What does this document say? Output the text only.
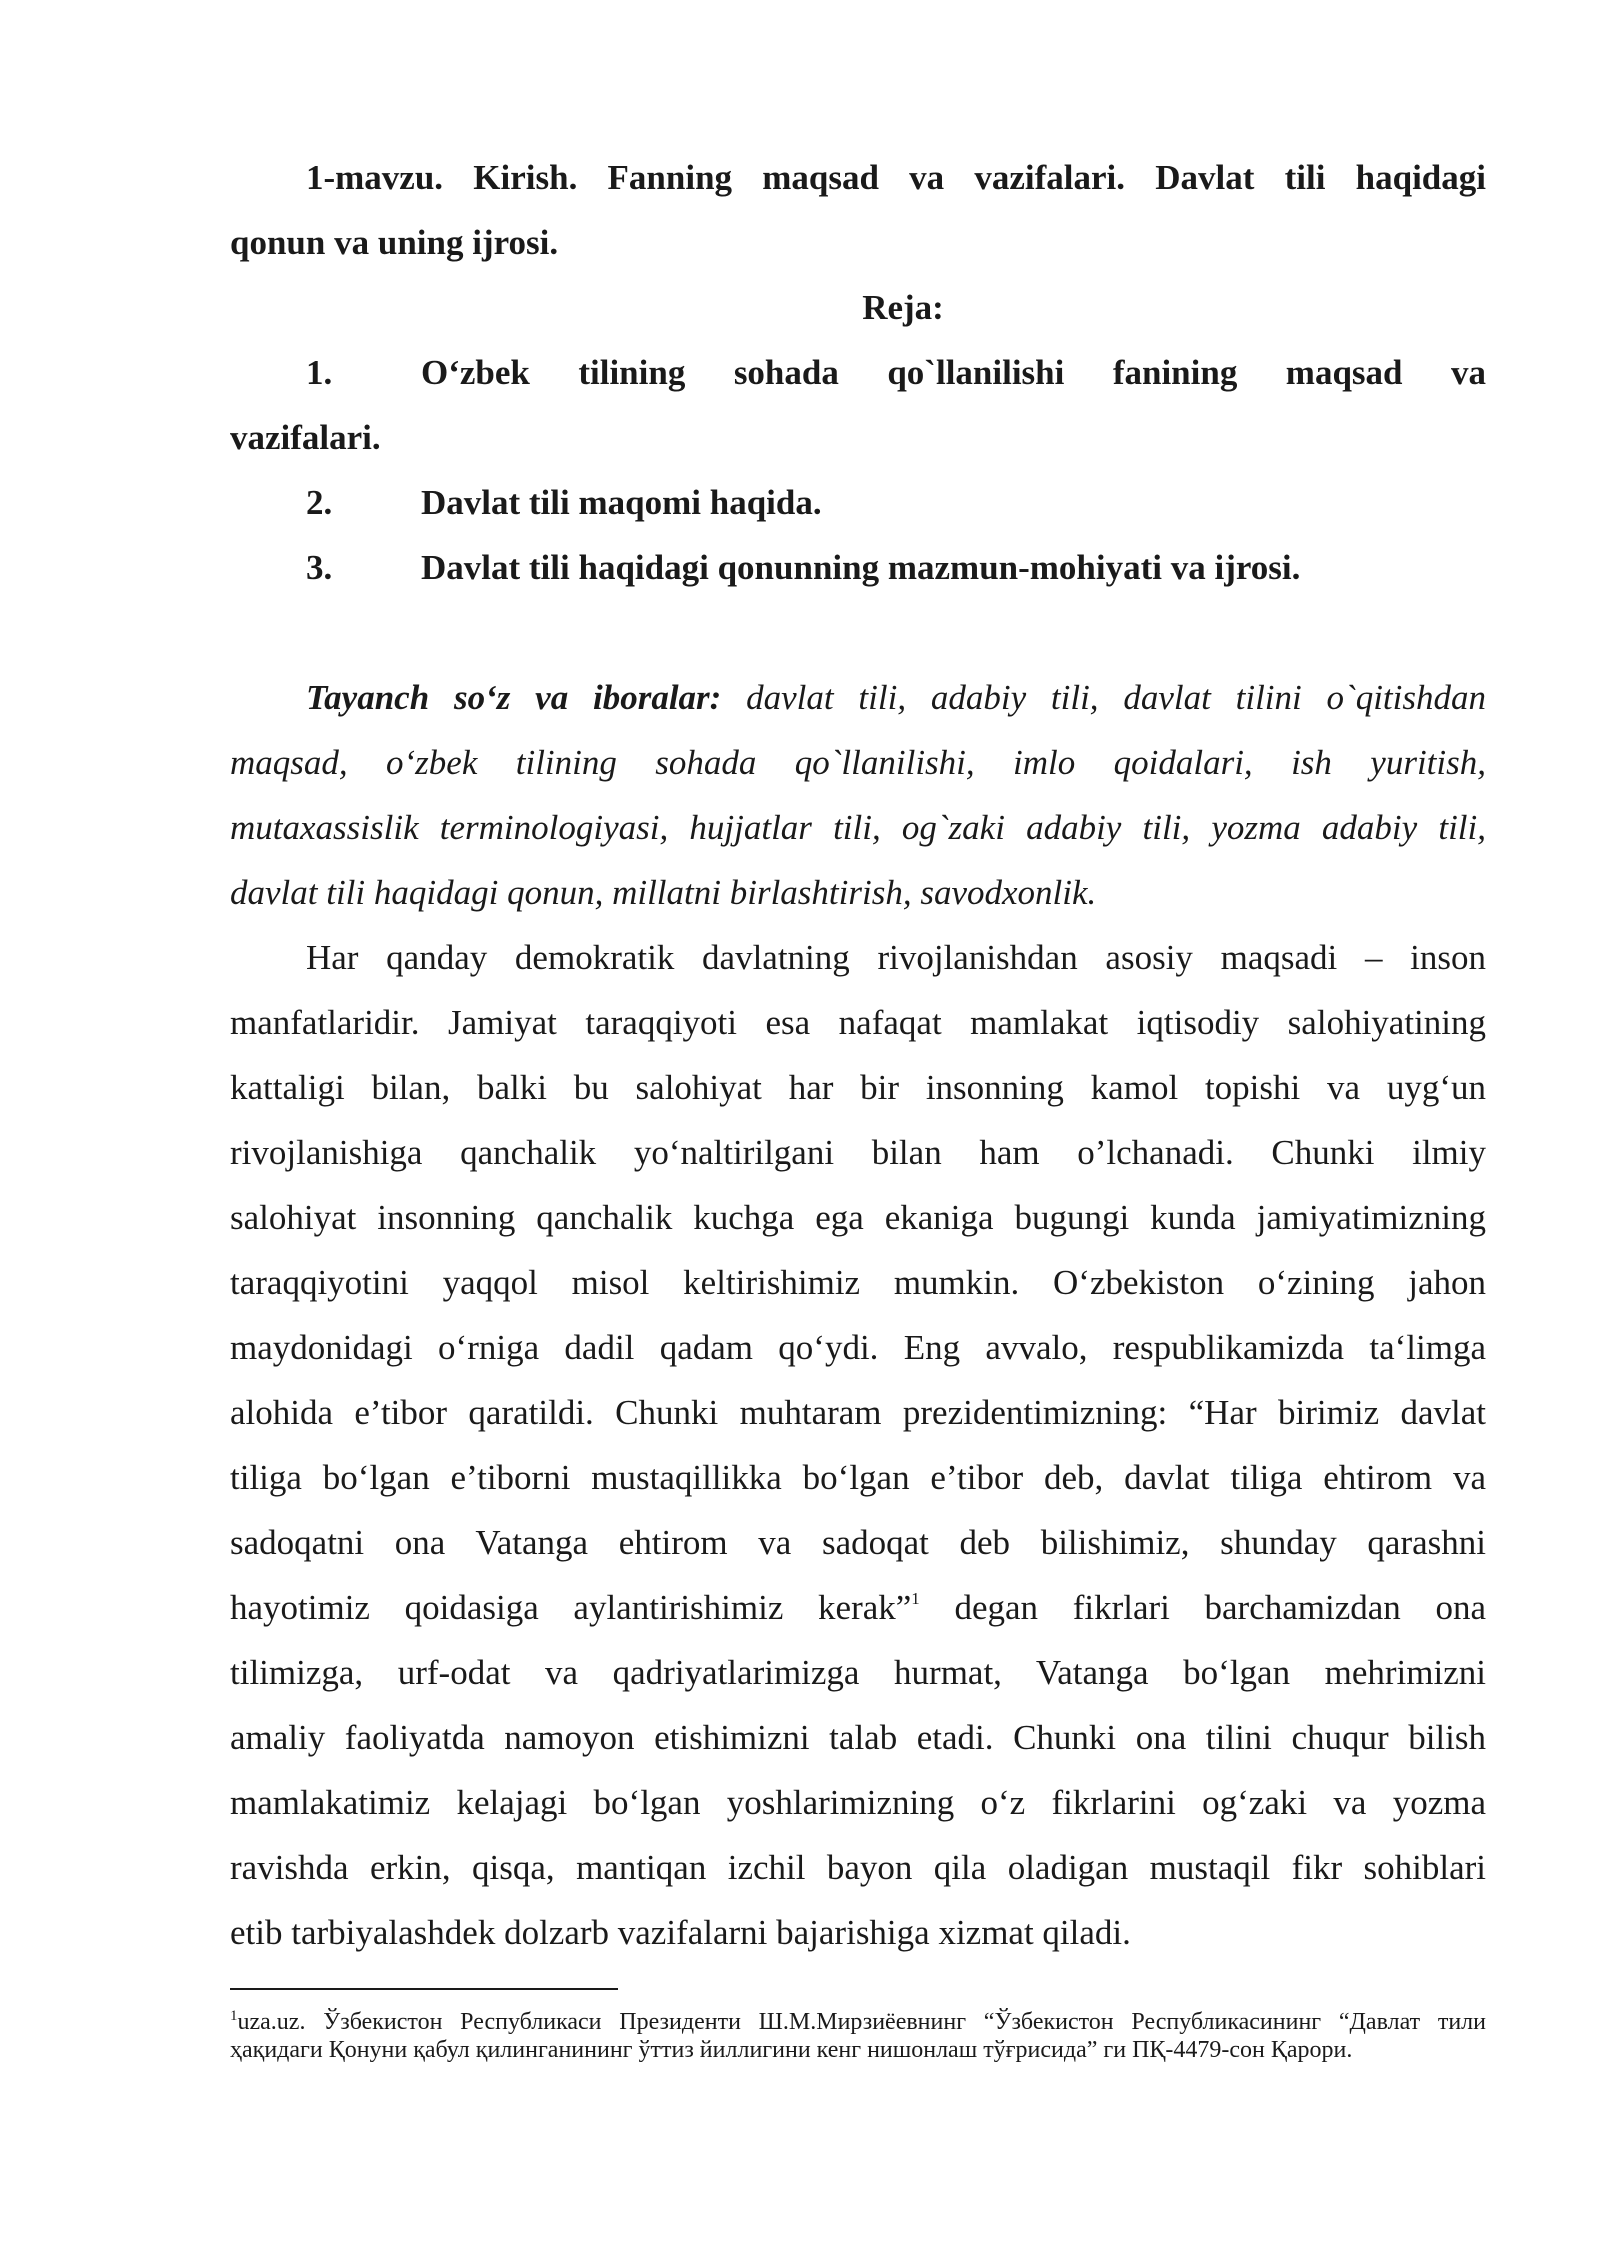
1-mavzu. Kirish. Fanning maqsad va vazifalari. Davlat tili haqidagi
qonun va uning ijrosi.
Reja:
1.	O‘zbek tilining sohada qo`llanilishi fanining maqsad va
vazifalari.
2.	Davlat tili maqomi haqida.
3.	Davlat tili haqidagi qonunning mazmun-mohiyati va ijrosi.
Tayanch so‘z va iboralar: davlat tili, adabiy tili, davlat tilini o`qitishdan
maqsad, o‘zbek tilining sohada qo`llanilishi, imlo qoidalari, ish yuritish,
mutaxassislik terminologiyasi, hujjatlar tili, og`zaki adabiy tili, yozma adabiy tili,
davlat tili haqidagi qonun, millatni birlashtirish, savodxonlik.
Har qanday demokratik davlatning rivojlanishdan asosiy maqsadi – inson
manfatlaridir. Jamiyat taraqqiyoti esa nafaqat mamlakat iqtisodiy salohiyatining
kattaligi bilan, balki bu salohiyat har bir insonning kamol topishi va uyg‘un
rivojlanishiga qanchalik yo‘naltirilgani bilan ham o’lchanadi. Chunki ilmiy
salohiyat insonning qanchalik kuchga ega ekaniga bugungi kunda jamiyatimizning
taraqqiyotini yaqqol misol keltirishimiz mumkin. O‘zbekiston o‘zining jahon
maydonidagi o‘rniga dadil qadam qo‘ydi. Eng avvalo, respublikamizda ta‘limga
alohida e’tibor qaratildi. Chunki muhtaram prezidentimizning: “Har birimiz davlat
tiliga bo‘lgan e’tiborni mustaqillikka bo‘lgan e’tibor deb, davlat tiliga ehtirom va
sadoqatni ona Vatanga ehtirom va sadoqat deb bilishimiz, shunday qarashni
hayotimiz qoidasiga aylantirishimiz kerak”$^1$ degan fikrlari barchamizdan ona
tilimizga, urf-odat va qadriyatlarimizga hurmat, Vatanga bo‘lgan mehrimizni
amaliy faoliyatda namoyon etishimizni talab etadi. Chunki ona tilini chuqur bilish
mamlakatimiz kelajagi bo‘lgan yoshlarimizning o‘z fikrlarini og‘zaki va yozma
ravishda erkin, qisqa, mantiqan izchil bayon qila oladigan mustaqil fikr sohiblari
etib tarbiyalashdek dolzarb vazifalarni bajarishiga xizmat qiladi.
$^1$uza.uz. Ўзбекистон Республикаси Президенти Ш.М.Мирзиёевнинг “Ўзбекистон Республикасининг “Давлат тили ҳақидаги Қонуни қабул қилинганининг ўттиз йиллигини кенг нишонлаш тўғрисида” ги ПҚ-4479-сон Қарори.
